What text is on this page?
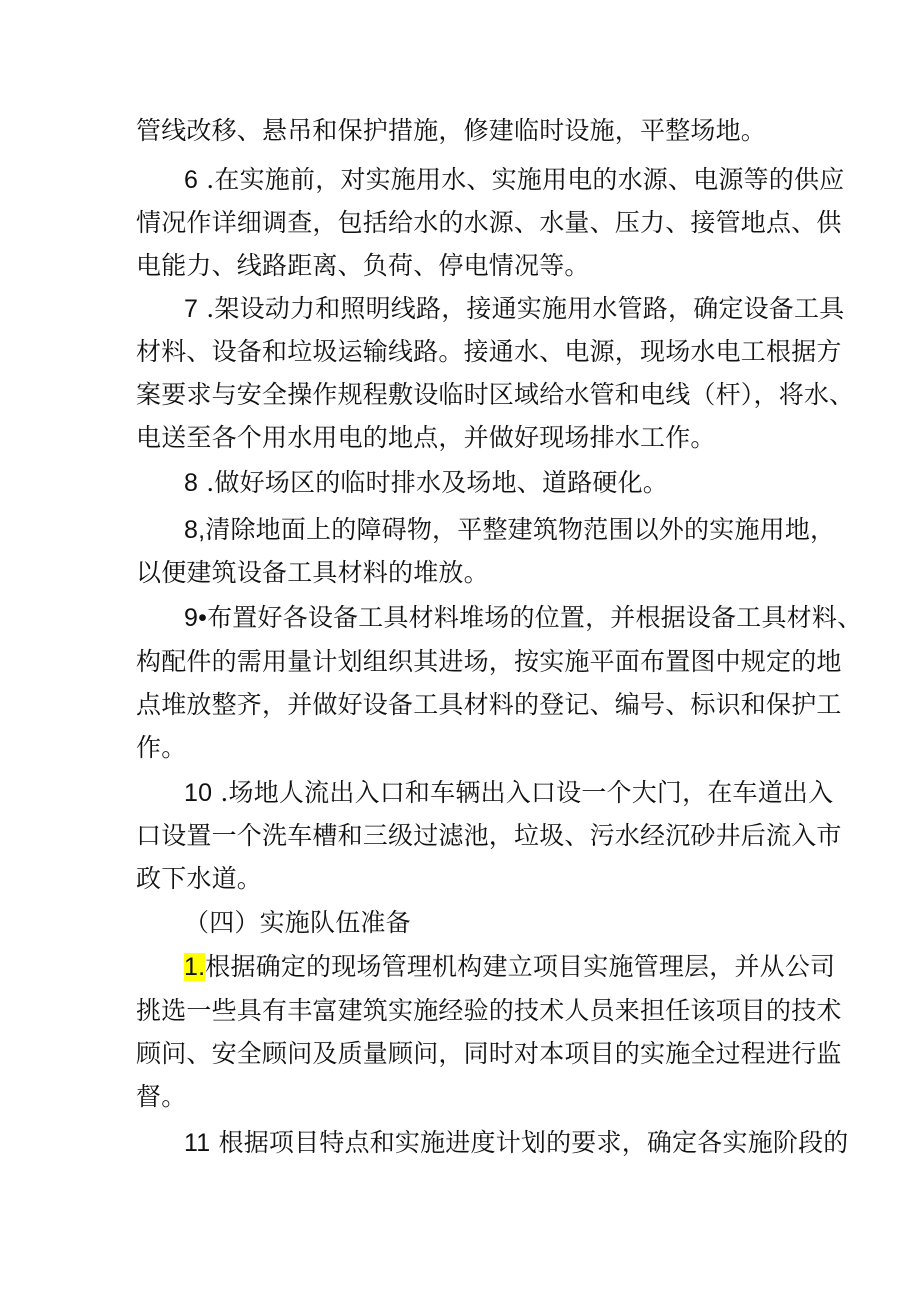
管线改移、悬吊和保护措施，修建临时设施，平整场地。
6 .在实施前，对实施用水、实施用电的水源、电源等的供应
情况作详细调查，包括给水的水源、水量、压力、接管地点、供
电能力、线路距离、负荷、停电情况等。
7 .架设动力和照明线路，接通实施用水管路，确定设备工具
材料、设备和垃圾运输线路。接通水、电源，现场水电工根据方
案要求与安全操作规程敷设临时区域给水管和电线（杆），将水、
电送至各个用水用电的地点，并做好现场排水工作。
8 .做好场区的临时排水及场地、道路硬化。
8,清除地面上的障碍物，平整建筑物范围以外的实施用地，
以便建筑设备工具材料的堆放。
9•布置好各设备工具材料堆场的位置，并根据设备工具材料、
构配件的需用量计划组织其进场，按实施平面布置图中规定的地
点堆放整齐，并做好设备工具材料的登记、编号、标识和保护工
作。
10 .场地人流出入口和车辆出入口设一个大门，在车道出入
口设置一个洗车槽和三级过滤池，垃圾、污水经沉砂井后流入市
政下水道。
（四）实施队伍准备
1.根据确定的现场管理机构建立项目实施管理层，并从公司
挑选一些具有丰富建筑实施经验的技术人员来担任该项目的技术
顾问、安全顾问及质量顾问，同时对本项目的实施全过程进行监
督。
11 根据项目特点和实施进度计划的要求，确定各实施阶段的
